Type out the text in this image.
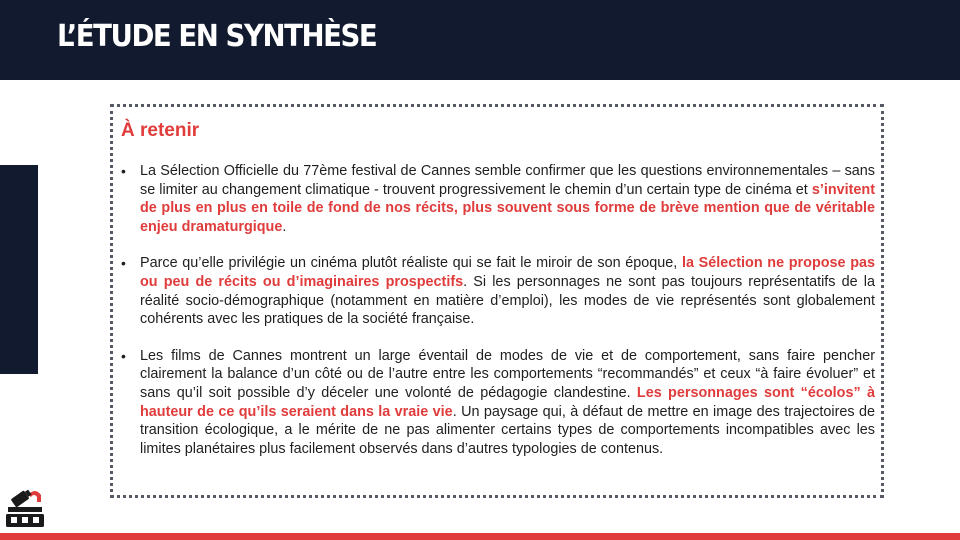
L’ÉTUDE EN SYNTHÈSE
À retenir
• La Sélection Officielle du 77ème festival de Cannes semble confirmer que les questions environnementales – sans se limiter au changement climatique - trouvent progressivement le chemin d’un certain type de cinéma et s’invitent de plus en plus en toile de fond de nos récits, plus souvent sous forme de brève mention que de véritable enjeu dramaturgique.
• Parce qu’elle privilégie un cinéma plutôt réaliste qui se fait le miroir de son époque, la Sélection ne propose pas ou peu de récits ou d’imaginaires prospectifs. Si les personnages ne sont pas toujours représentatifs de la réalité socio-démographique (notamment en matière d’emploi), les modes de vie représentés sont globalement cohérents avec les pratiques de la société française.
• Les films de Cannes montrent un large éventail de modes de vie et de comportement, sans faire pencher clairement la balance d’un côté ou de l’autre entre les comportements “recommandés” et ceux “à faire évoluer” et sans qu’il soit possible d’y déceler une volonté de pédagogie clandestine. Les personnages sont “écolos” à hauteur de ce qu’ils seraient dans la vraie vie. Un paysage qui, à défaut de mettre en image des trajectoires de transition écologique, a le mérite de ne pas alimenter certains types de comportements incompatibles avec les limites planétaires plus facilement observés dans d’autres typologies de contenus.
